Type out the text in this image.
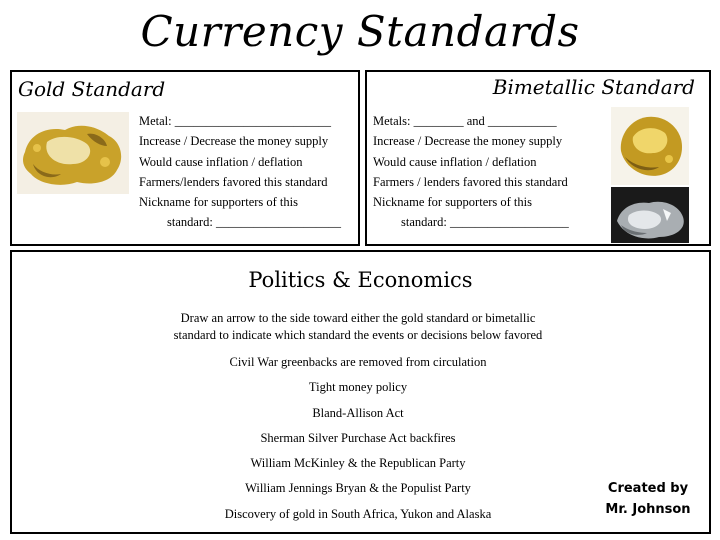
Currency Standards
Gold Standard
Metal: _________________________
Increase / Decrease the money supply
Would cause inflation / deflation
Farmers/lenders favored this standard
Nickname for supporters of this
standard: ____________________
Bimetallic Standard
Metals: ________ and ___________
Increase / Decrease the money supply
Would cause inflation / deflation
Farmers / lenders favored this standard
Nickname for supporters of this
standard: ___________________
Politics & Economics
Draw an arrow to the side toward either the gold standard or bimetallic
standard to indicate which standard the events or decisions below favored
Civil War greenbacks are removed from circulation
Tight money policy
Bland-Allison Act
Sherman Silver Purchase Act backfires
William McKinley & the Republican Party
William Jennings Bryan & the Populist Party
Discovery of gold in South Africa, Yukon and Alaska
Created by
Mr. Johnson
